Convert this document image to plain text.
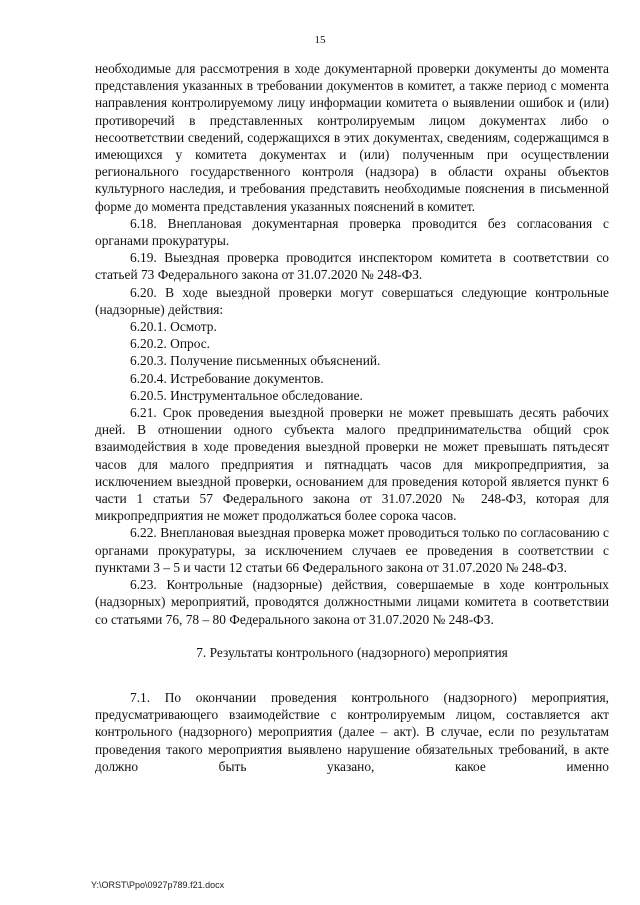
15

необходимые для рассмотрения в ходе документарной проверки документы до момента представления указанных в требовании документов в комитет, а также период с момента направления контролируемому лицу информации комитета о выявлении ошибок и (или) противоречий в представленных контролируемым лицом документах либо о несоответствии сведений, содержащихся в этих документах, сведениям, содержащимся в имеющихся у комитета документах и (или) полученным при осуществлении регионального государственного контроля (надзора) в области охраны объектов культурного наследия, и требования представить необходимые пояснения в письменной форме до момента представления указанных пояснений в комитет.

6.18. Внеплановая документарная проверка проводится без согласования с органами прокуратуры.

6.19. Выездная проверка проводится инспектором комитета в соответствии со статьей 73 Федерального закона от 31.07.2020 № 248-ФЗ.

6.20. В ходе выездной проверки могут совершаться следующие контрольные (надзорные) действия:

6.20.1. Осмотр.

6.20.2. Опрос.

6.20.3. Получение письменных объяснений.

6.20.4. Истребование документов.

6.20.5. Инструментальное обследование.

6.21. Срок проведения выездной проверки не может превышать десять рабочих дней. В отношении одного субъекта малого предпринимательства общий срок взаимодействия в ходе проведения выездной проверки не может превышать пятьдесят часов для малого предприятия и пятнадцать часов для микропредприятия, за исключением выездной проверки, основанием для проведения которой является пункт 6 части 1 статьи 57 Федерального закона от 31.07.2020 № 248-ФЗ, которая для микропредприятия не может продолжаться более сорока часов.

6.22. Внеплановая выездная проверка может проводиться только по согласованию с органами прокуратуры, за исключением случаев ее проведения в соответствии с пунктами 3 – 5 и части 12 статьи 66 Федерального закона от 31.07.2020 № 248-ФЗ.

6.23. Контрольные (надзорные) действия, совершаемые в ходе контрольных (надзорных) мероприятий, проводятся должностными лицами комитета в соответствии со статьями 76, 78 – 80 Федерального закона от 31.07.2020 № 248-ФЗ.

7. Результаты контрольного (надзорного) мероприятия

7.1. По окончании проведения контрольного (надзорного) мероприятия, предусматривающего взаимодействие с контролируемым лицом, составляется акт контрольного (надзорного) мероприятия (далее – акт). В случае, если по результатам проведения такого мероприятия выявлено нарушение обязательных требований, в акте должно быть указано, какое именно

Y:\ORST\Ppo\0927p789.f21.docx
